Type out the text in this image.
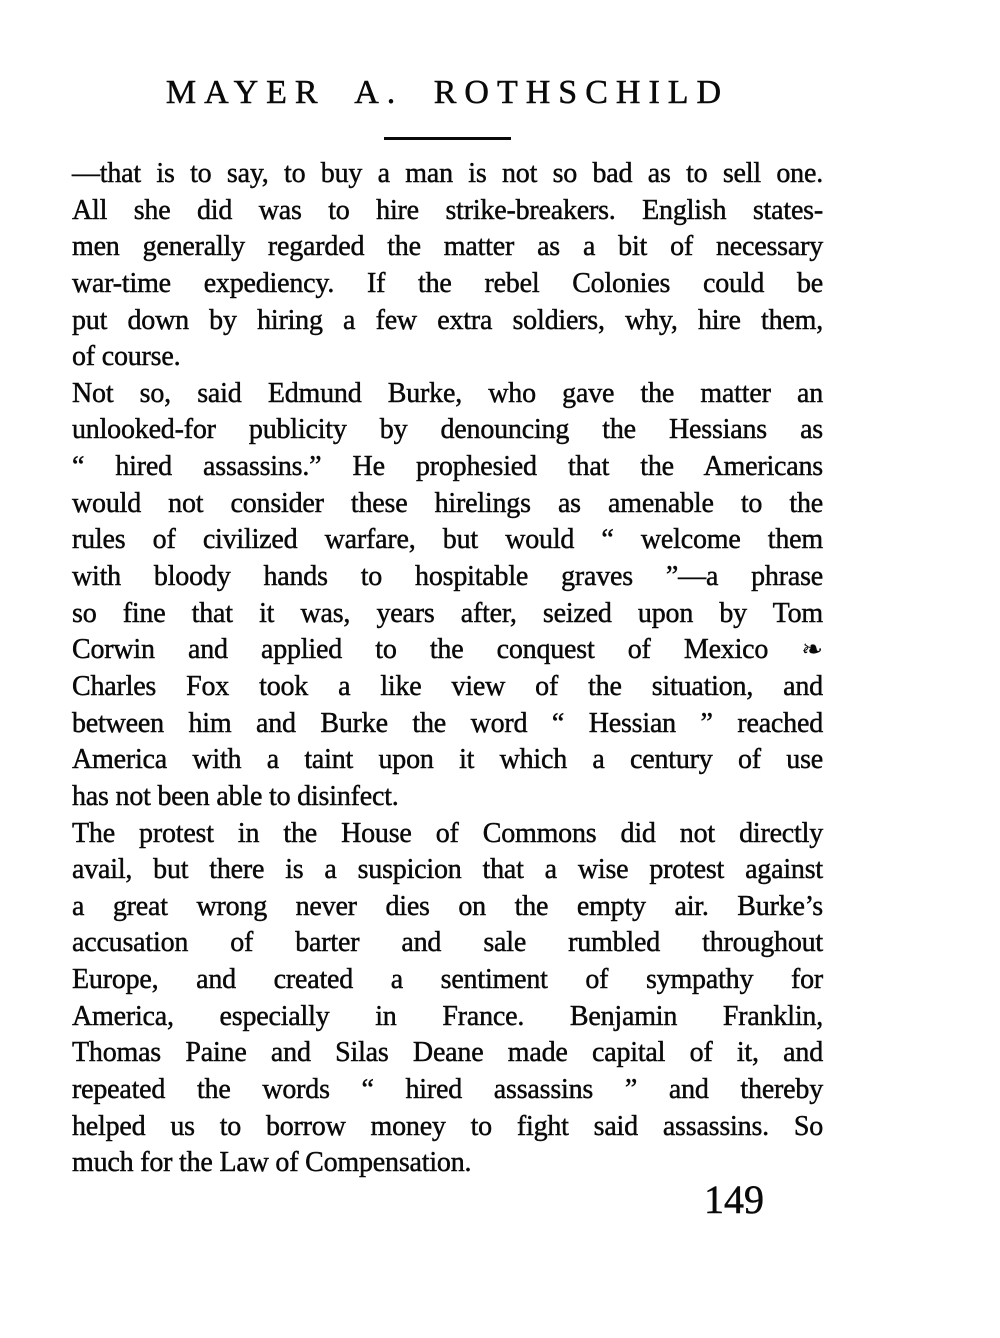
MAYER A. ROTHSCHILD
—that is to say, to buy a man is not so bad as to sell one.
All she did was to hire strike-breakers. English states-
men generally regarded the matter as a bit of necessary
war-time expediency. If the rebel Colonies could be
put down by hiring a few extra soldiers, why, hire them,
of course.
Not so, said Edmund Burke, who gave the matter an
unlooked-for publicity by denouncing the Hessians as
“ hired assassins.” He prophesied that the Americans
would not consider these hirelings as amenable to the
rules of civilized warfare, but would “ welcome them
with bloody hands to hospitable graves ”—a phrase
so fine that it was, years after, seized upon by Tom
Corwin and applied to the conquest of Mexico ❧
Charles Fox took a like view of the situation, and
between him and Burke the word “ Hessian ” reached
America with a taint upon it which a century of use
has not been able to disinfect.
The protest in the House of Commons did not directly
avail, but there is a suspicion that a wise protest against
a great wrong never dies on the empty air. Burke’s
accusation of barter and sale rumbled throughout
Europe, and created a sentiment of sympathy for
America, especially in France. Benjamin Franklin,
Thomas Paine and Silas Deane made capital of it, and
repeated the words “ hired assassins ” and thereby
helped us to borrow money to fight said assassins. So
much for the Law of Compensation.
149
